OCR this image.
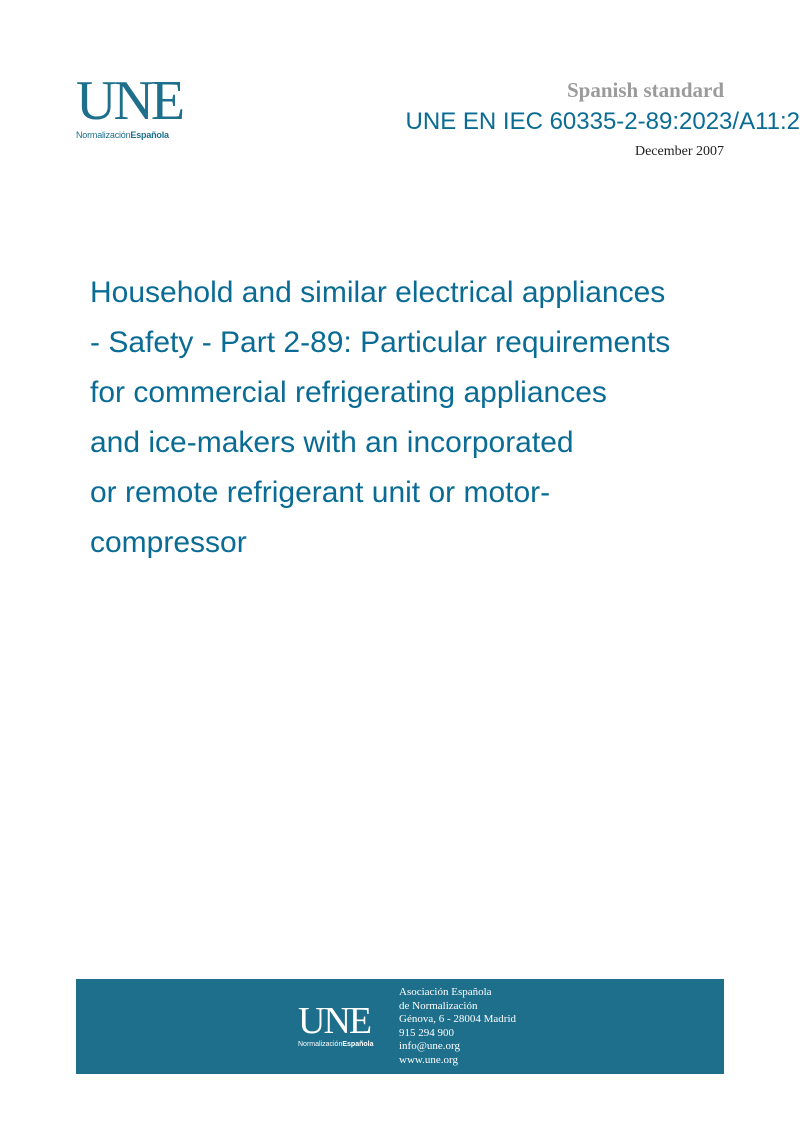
UNE
NormalizaciónEspañola
Spanish standard
UNE EN IEC 60335-2-89:2023/A11:2
December 2007
Household and similar electrical appliances
- Safety - Part 2-89: Particular requirements
for commercial refrigerating appliances
and ice-makers with an incorporated
or remote refrigerant unit or motor-
compressor
UNE
NormalizaciónEspañola
Asociación Española
de Normalización
Génova, 6 - 28004 Madrid
915 294 900
info@une.org
www.une.org
